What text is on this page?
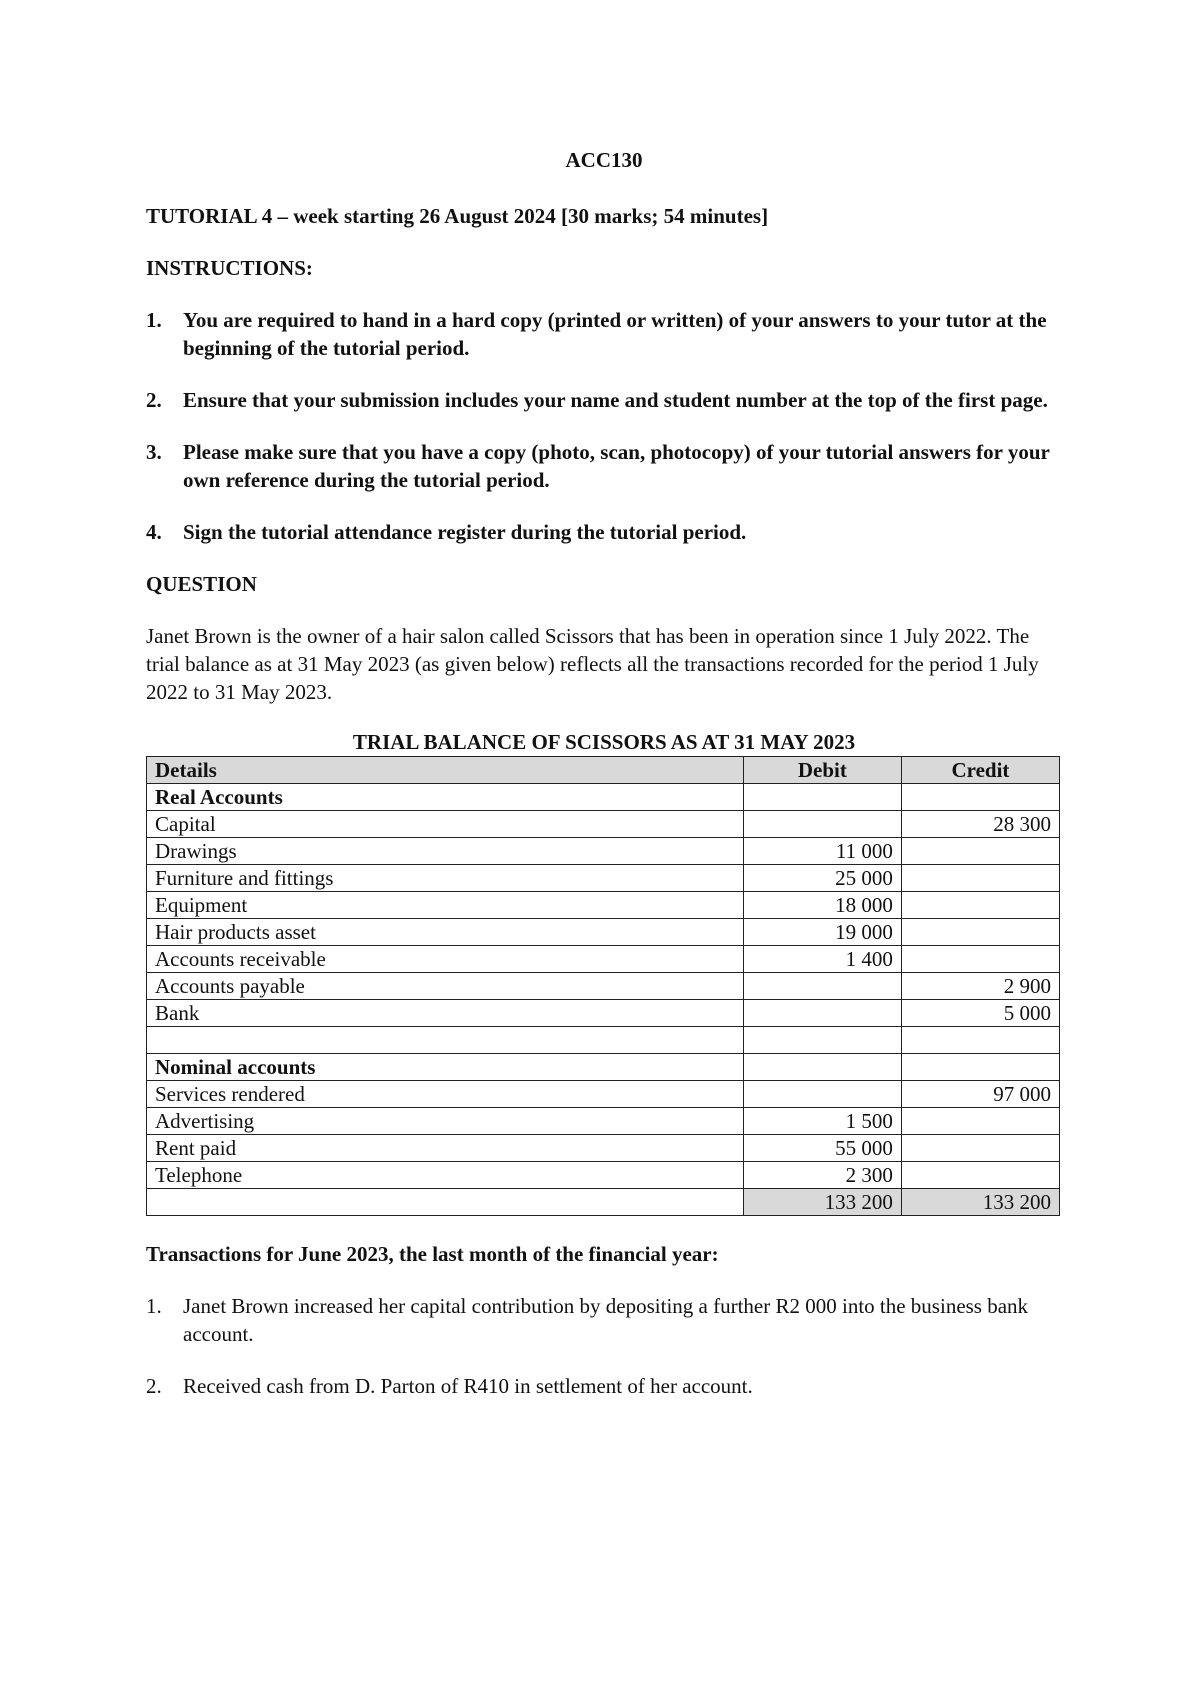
ACC130
TUTORIAL 4 – week starting 26 August 2024 [30 marks; 54 minutes]
INSTRUCTIONS:
1.	You are required to hand in a hard copy (printed or written) of your answers to your tutor at the beginning of the tutorial period.
2.	Ensure that your submission includes your name and student number at the top of the first page.
3.	Please make sure that you have a copy (photo, scan, photocopy) of your tutorial answers for your own reference during the tutorial period.
4.	Sign the tutorial attendance register during the tutorial period.
QUESTION
Janet Brown is the owner of a hair salon called Scissors that has been in operation since 1 July 2022. The trial balance as at 31 May 2023 (as given below) reflects all the transactions recorded for the period 1 July 2022 to 31 May 2023.
TRIAL BALANCE OF SCISSORS AS AT 31 MAY 2023
Details	Debit	Credit
Real Accounts		
Capital		28 300
Drawings	11 000	
Furniture and fittings	25 000	
Equipment	18 000	
Hair products asset	19 000	
Accounts receivable	1 400	
Accounts payable		2 900
Bank		5 000

Nominal accounts		
Services rendered		97 000
Advertising	1 500	
Rent paid	55 000	
Telephone	2 300	
	133 200	133 200
Transactions for June 2023, the last month of the financial year:
1.	Janet Brown increased her capital contribution by depositing a further R2 000 into the business bank account.
2.	Received cash from D. Parton of R410 in settlement of her account.
